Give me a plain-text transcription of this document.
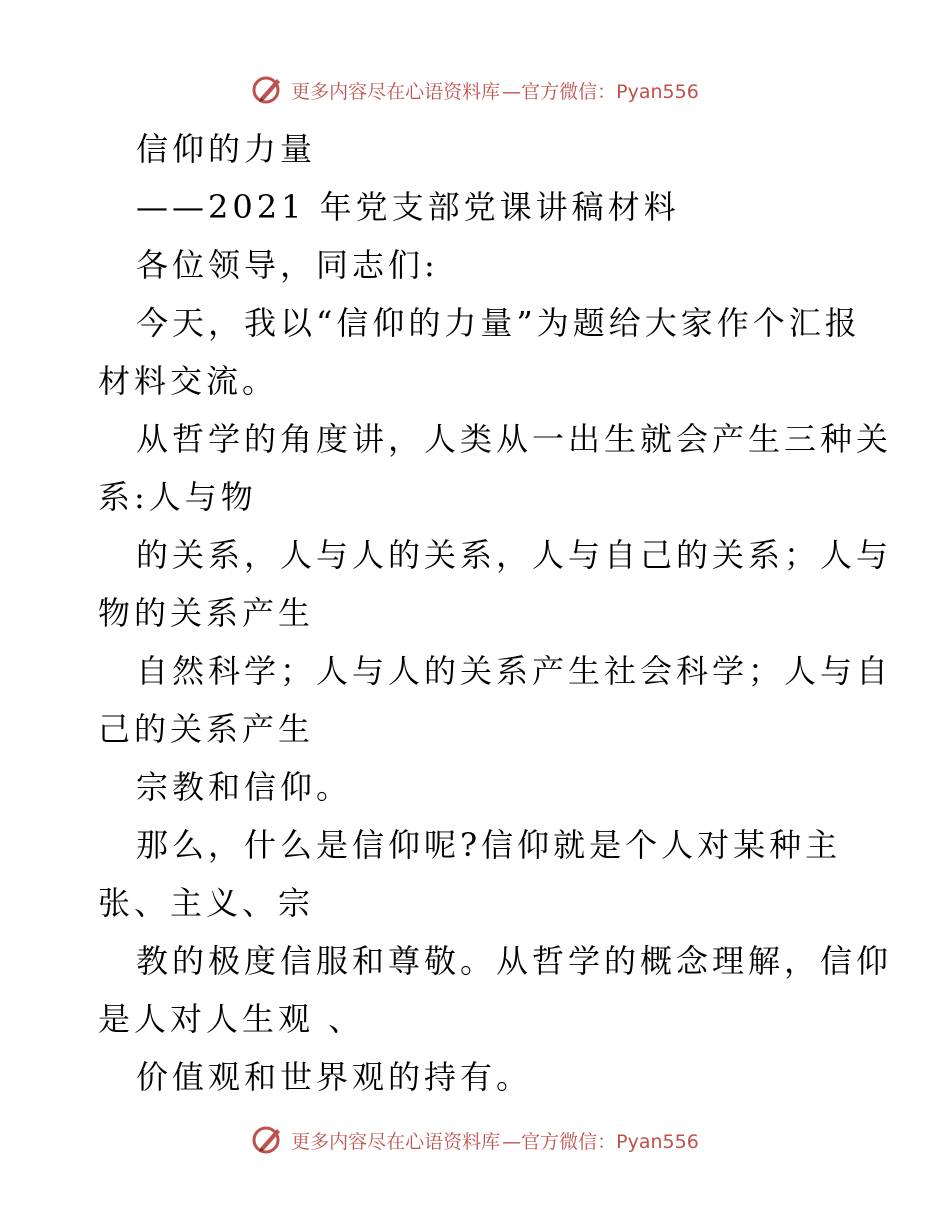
更多内容尽在心语资料库 —官方微信：Pyan556
信仰的力量
——2021 年党支部党课讲稿材料
各位领导，同志们:
今天，我以“信仰的力量”为题给大家作个汇报
材料交流。
从哲学的角度讲，人类从一出生就会产生三种关
系:人与物
的关系，人与人的关系，人与自己的关系；人与
物的关系产生
自然科学；人与人的关系产生社会科学；人与自
己的关系产生
宗教和信仰。
那么，什么是信仰呢?信仰就是个人对某种主
张、主义、宗
教的极度信服和尊敬。从哲学的概念理解，信仰
是人对人生观 、
价值观和世界观的持有。
更多内容尽在心语资料库 —官方微信：Pyan556
